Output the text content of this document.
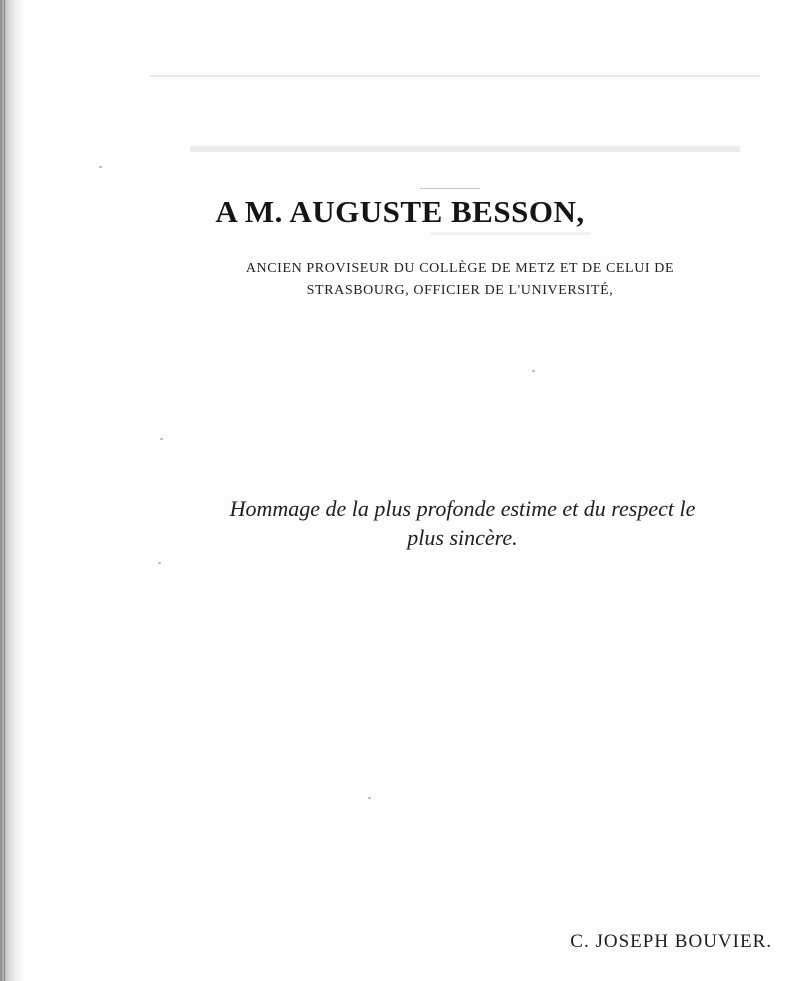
A M. AUGUSTE BESSON,
ANCIEN PROVISEUR DU COLLÈGE DE METZ ET DE CELUI DE
STRASBOURG, OFFICIER DE L'UNIVERSITÉ,
Hommage de la plus profonde estime et du respect le
plus sincère.
C. JOSEPH BOUVIER.
